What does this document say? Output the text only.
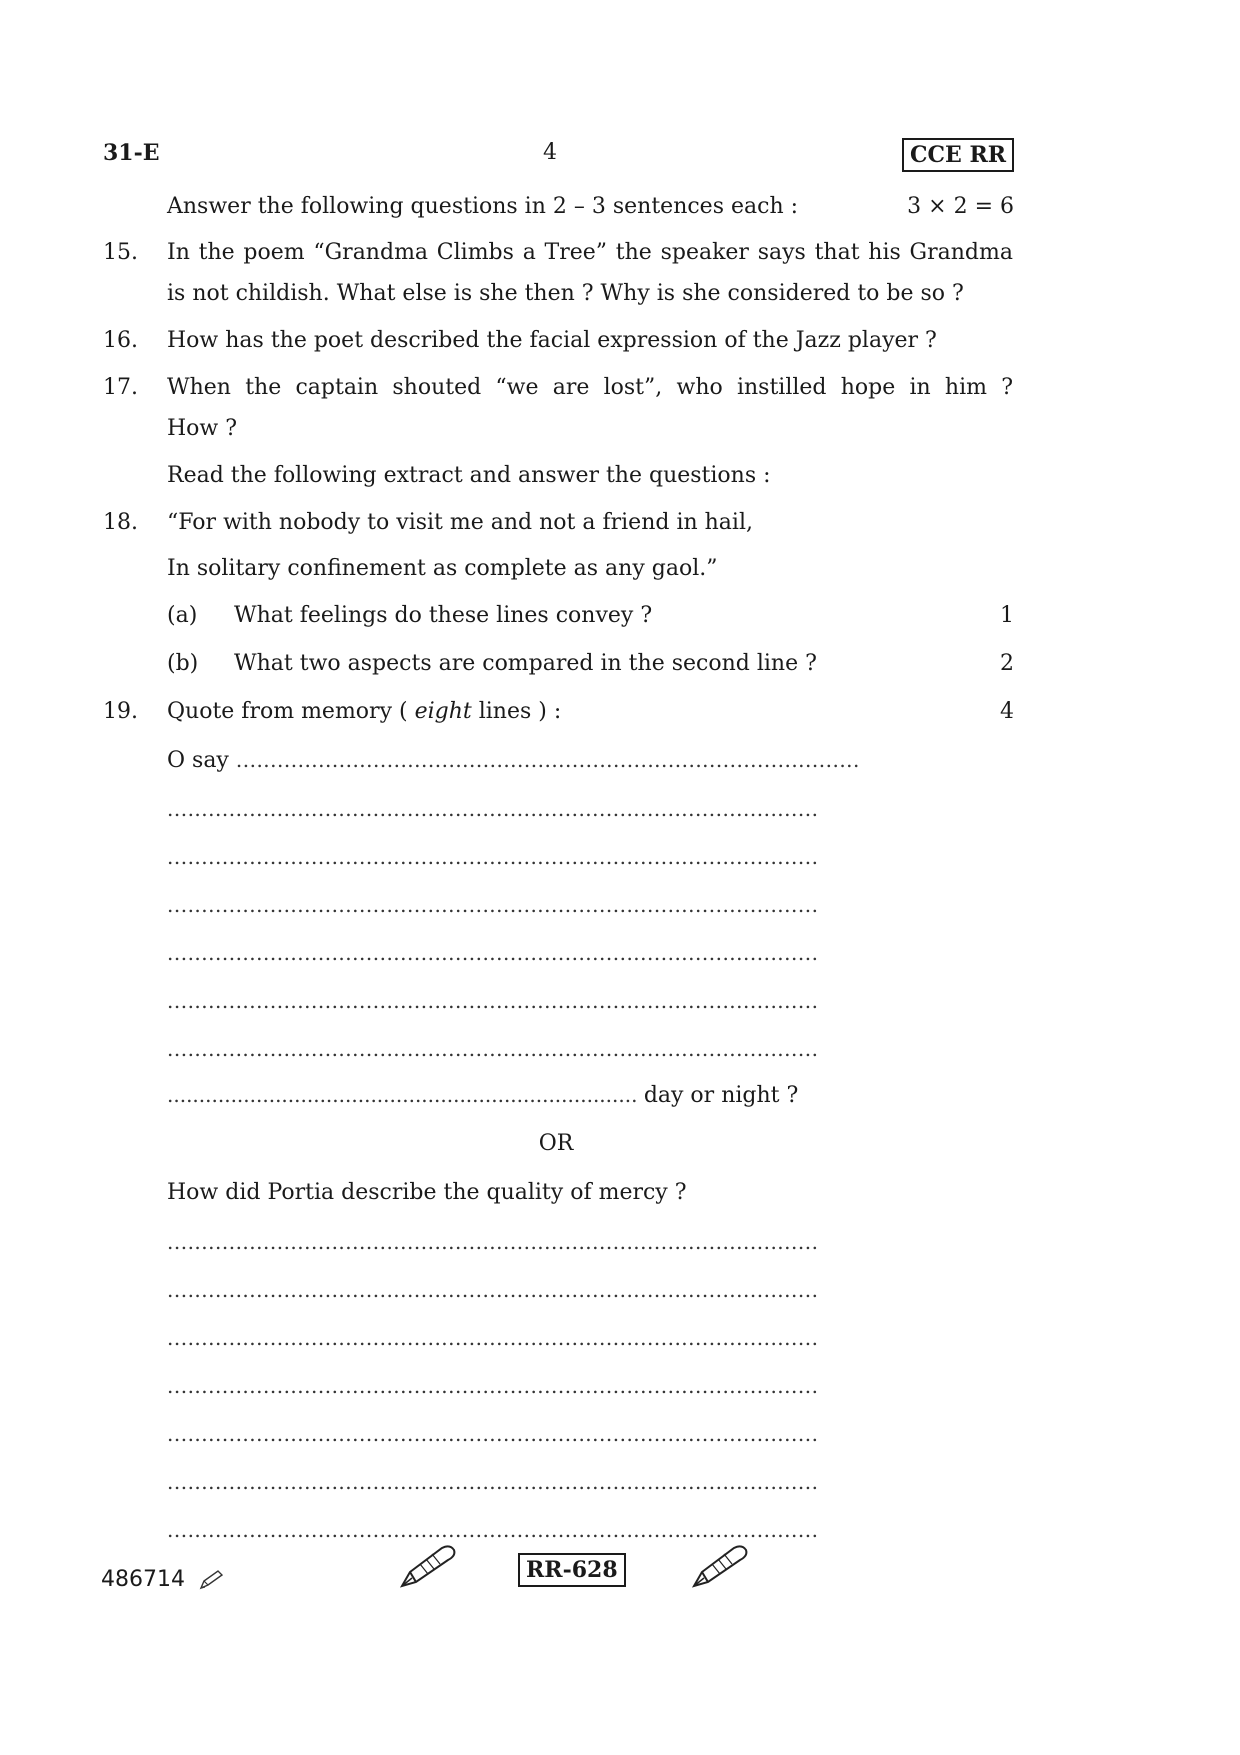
31-E	4	CCE RR
Answer the following questions in 2 – 3 sentences each :	3 × 2 = 6
15. In the poem “Grandma Climbs a Tree” the speaker says that his Grandma
is not childish. What else is she then ? Why is she considered to be so ?
16. How has the poet described the facial expression of the Jazz player ?
17. When the captain shouted “we are lost”, who instilled hope in him ?
How ?
Read the following extract and answer the questions :
18. “For with nobody to visit me and not a friend in hail,
In solitary confinement as complete as any gaol.”
(a) What feelings do these lines convey ?	1
(b) What two aspects are compared in the second line ?	2
19. Quote from memory ( eight lines ) :	4
O say ...........................................................................................
...............................................................................................
...............................................................................................
...............................................................................................
...............................................................................................
...............................................................................................
...............................................................................................
.......................................................................... day or night ?
OR
How did Portia describe the quality of mercy ?
...............................................................................................
...............................................................................................
...............................................................................................
...............................................................................................
...............................................................................................
...............................................................................................
...............................................................................................
486714	RR-628
